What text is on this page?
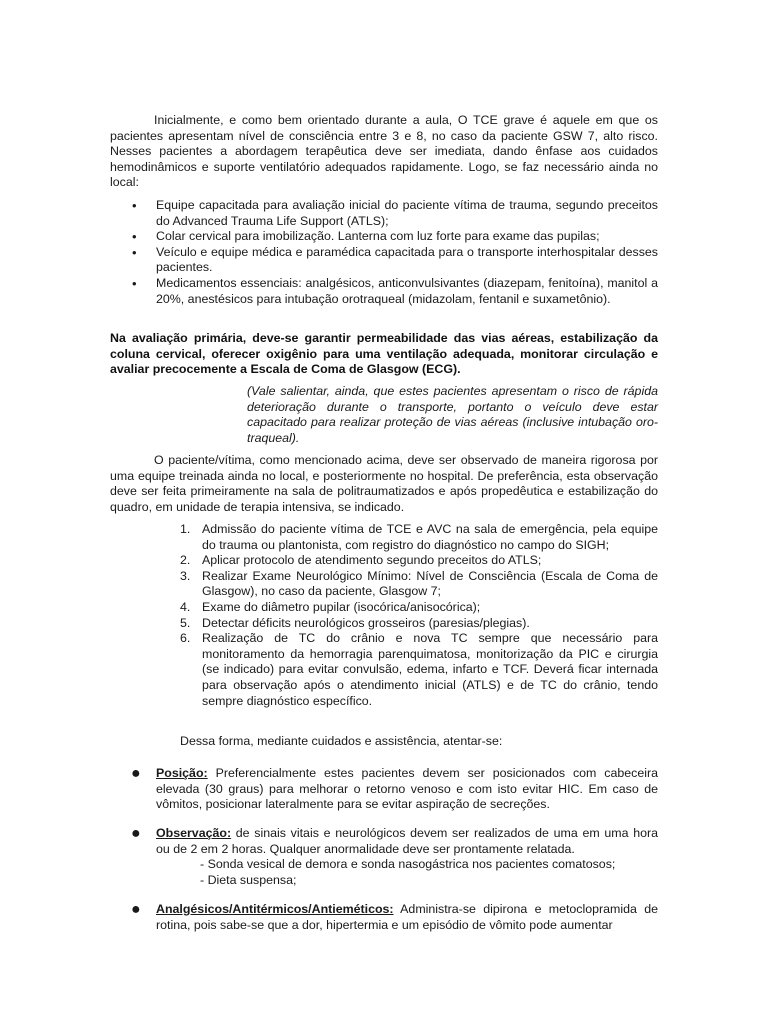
Inicialmente, e como bem orientado durante a aula, O TCE grave é aquele em que os pacientes apresentam nível de consciência entre 3 e 8, no caso da paciente GSW 7, alto risco. Nesses pacientes a abordagem terapêutica deve ser imediata, dando ênfase aos cuidados hemodinâmicos e suporte ventilatório adequados rapidamente. Logo, se faz necessário ainda no local:

• Equipe capacitada para avaliação inicial do paciente vítima de trauma, segundo preceitos do Advanced Trauma Life Support (ATLS);
• Colar cervical para imobilização. Lanterna com luz forte para exame das pupilas;
• Veículo e equipe médica e paramédica capacitada para o transporte interhospitalar desses pacientes.
• Medicamentos essenciais: analgésicos, anticonvulsivantes (diazepam, fenitoína), manitol a 20%, anestésicos para intubação orotraqueal (midazolam, fentanil e suxametônio).

Na avaliação primária, deve-se garantir permeabilidade das vias aéreas, estabilização da coluna cervical, oferecer oxigênio para uma ventilação adequada, monitorar circulação e avaliar precocemente a Escala de Coma de Glasgow (ECG).

(Vale salientar, ainda, que estes pacientes apresentam o risco de rápida deterioração durante o transporte, portanto o veículo deve estar capacitado para realizar proteção de vias aéreas (inclusive intubação oro-traqueal).

O paciente/vítima, como mencionado acima, deve ser observado de maneira rigorosa por uma equipe treinada ainda no local, e posteriormente no hospital. De preferência, esta observação deve ser feita primeiramente na sala de politraumatizados e após propedêutica e estabilização do quadro, em unidade de terapia intensiva, se indicado.

1. Admissão do paciente vítima de TCE e AVC na sala de emergência, pela equipe do trauma ou plantonista, com registro do diagnóstico no campo do SIGH;
2. Aplicar protocolo de atendimento segundo preceitos do ATLS;
3. Realizar Exame Neurológico Mínimo: Nível de Consciência (Escala de Coma de Glasgow), no caso da paciente, Glasgow 7;
4. Exame do diâmetro pupilar (isocórica/anisocórica);
5. Detectar déficits neurológicos grosseiros (paresias/plegias).
6. Realização de TC do crânio e nova TC sempre que necessário para monitoramento da hemorragia parenquimatosa, monitorização da PIC e cirurgia (se indicado) para evitar convulsão, edema, infarto e TCF. Deverá ficar internada para observação após o atendimento inicial (ATLS) e de TC do crânio, tendo sempre diagnóstico específico.

Dessa forma, mediante cuidados e assistência, atentar-se:

● Posição: Preferencialmente estes pacientes devem ser posicionados com cabeceira elevada (30 graus) para melhorar o retorno venoso e com isto evitar HIC. Em caso de vômitos, posicionar lateralmente para se evitar aspiração de secreções.
● Observação: de sinais vitais e neurológicos devem ser realizados de uma em uma hora ou de 2 em 2 horas. Qualquer anormalidade deve ser prontamente relatada.
- Sonda vesical de demora e sonda nasogástrica nos pacientes comatosos;
- Dieta suspensa;
● Analgésicos/Antitérmicos/Antieméticos: Administra-se dipirona e metoclopramida de rotina, pois sabe-se que a dor, hipertermia e um episódio de vômito pode aumentar
